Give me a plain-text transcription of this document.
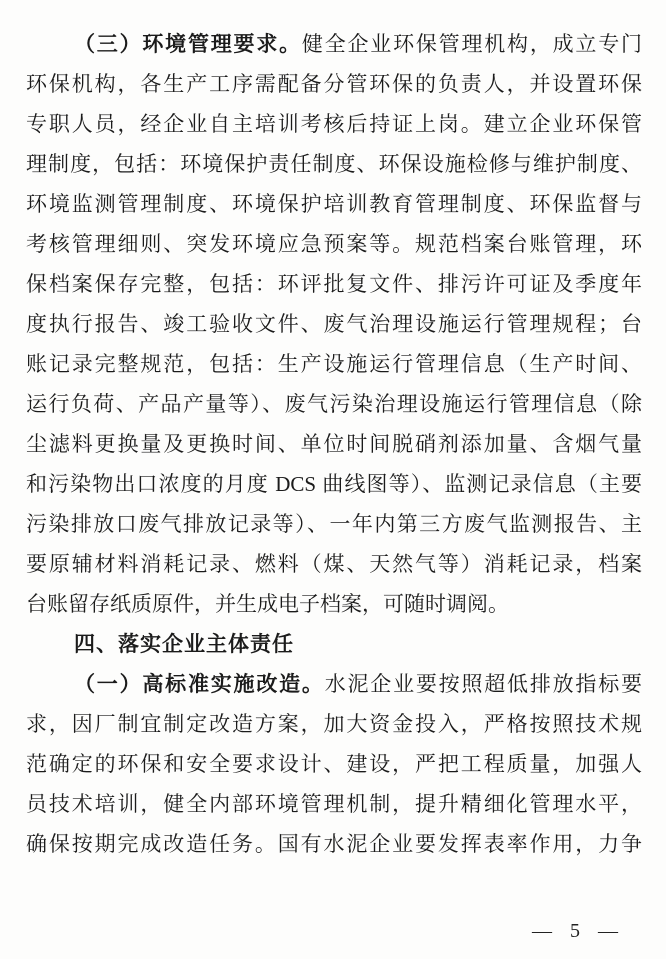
（三）环境管理要求。健全企业环保管理机构，成立专门
环保机构，各生产工序需配备分管环保的负责人，并设置环保
专职人员，经企业自主培训考核后持证上岗。建立企业环保管
理制度，包括：环境保护责任制度、环保设施检修与维护制度、
环境监测管理制度、环境保护培训教育管理制度、环保监督与
考核管理细则、突发环境应急预案等。规范档案台账管理，环
保档案保存完整，包括：环评批复文件、排污许可证及季度年
度执行报告、竣工验收文件、废气治理设施运行管理规程；台
账记录完整规范，包括：生产设施运行管理信息（生产时间、
运行负荷、产品产量等）、废气污染治理设施运行管理信息（除
尘滤料更换量及更换时间、单位时间脱硝剂添加量、含烟气量
和污染物出口浓度的月度 DCS 曲线图等）、监测记录信息（主要
污染排放口废气排放记录等）、一年内第三方废气监测报告、主
要原辅材料消耗记录、燃料（煤、天然气等）消耗记录，档案
台账留存纸质原件，并生成电子档案，可随时调阅。
四、落实企业主体责任
（一）高标准实施改造。水泥企业要按照超低排放指标要
求，因厂制宜制定改造方案，加大资金投入，严格按照技术规
范确定的环保和安全要求设计、建设，严把工程质量，加强人
员技术培训，健全内部环境管理机制，提升精细化管理水平，
确保按期完成改造任务。国有水泥企业要发挥表率作用，力争
— 5 —
